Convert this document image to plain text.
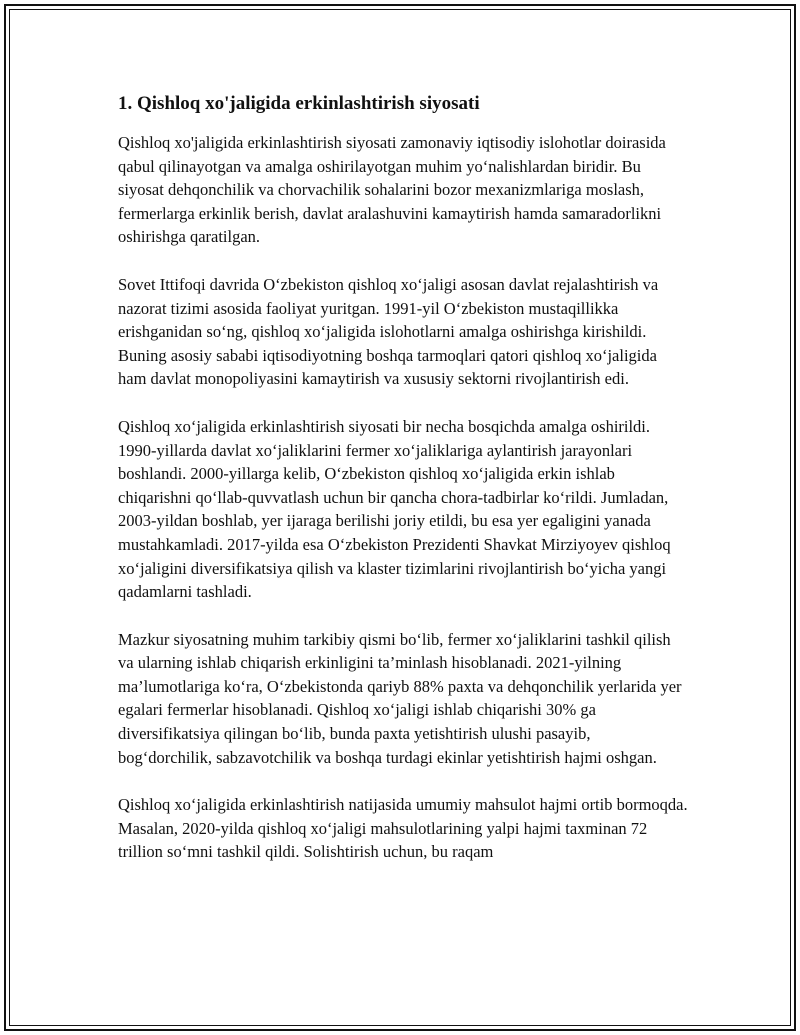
1. Qishloq xo'jaligida erkinlashtirish siyosati

Qishloq xo'jaligida erkinlashtirish siyosati zamonaviy iqtisodiy islohotlar doirasida qabul qilinayotgan va amalga oshirilayotgan muhim yo‘nalishlardan biridir. Bu siyosat dehqonchilik va chorvachilik sohalarini bozor mexanizmlariga moslash, fermerlarga erkinlik berish, davlat aralashuvini kamaytirish hamda samaradorlikni oshirishga qaratilgan.

Sovet Ittifoqi davrida O‘zbekiston qishloq xo‘jaligi asosan davlat rejalashtirish va nazorat tizimi asosida faoliyat yuritgan. 1991-yil O‘zbekiston mustaqillikka erishganidan so‘ng, qishloq xo‘jaligida islohotlarni amalga oshirishga kirishildi. Buning asosiy sababi iqtisodiyotning boshqa tarmoqlari qatori qishloq xo‘jaligida ham davlat monopoliyasini kamaytirish va xususiy sektorni rivojlantirish edi.

Qishloq xo‘jaligida erkinlashtirish siyosati bir necha bosqichda amalga oshirildi. 1990-yillarda davlat xo‘jaliklarini fermer xo‘jaliklariga aylantirish jarayonlari boshlandi. 2000-yillarga kelib, O‘zbekiston qishloq xo‘jaligida erkin ishlab chiqarishni qo‘llab-quvvatlash uchun bir qancha chora-tadbirlar ko‘rildi. Jumladan, 2003-yildan boshlab, yer ijaraga berilishi joriy etildi, bu esa yer egaligini yanada mustahkamladi. 2017-yilda esa O‘zbekiston Prezidenti Shavkat Mirziyoyev qishloq xo‘jaligini diversifikatsiya qilish va klaster tizimlarini rivojlantirish bo‘yicha yangi qadamlarni tashladi.

Mazkur siyosatning muhim tarkibiy qismi bo‘lib, fermer xo‘jaliklarini tashkil qilish va ularning ishlab chiqarish erkinligini ta’minlash hisoblanadi. 2021-yilning ma’lumotlariga ko‘ra, O‘zbekistonda qariyb 88% paxta va dehqonchilik yerlarida yer egalari fermerlar hisoblanadi. Qishloq xo‘jaligi ishlab chiqarishi 30% ga diversifikatsiya qilingan bo‘lib, bunda paxta yetishtirish ulushi pasayib, bog‘dorchilik, sabzavotchilik va boshqa turdagi ekinlar yetishtirish hajmi oshgan.

Qishloq xo‘jaligida erkinlashtirish natijasida umumiy mahsulot hajmi ortib bormoqda. Masalan, 2020-yilda qishloq xo‘jaligi mahsulotlarining yalpi hajmi taxminan 72 trillion so‘mni tashkil qildi. Solishtirish uchun, bu raqam
